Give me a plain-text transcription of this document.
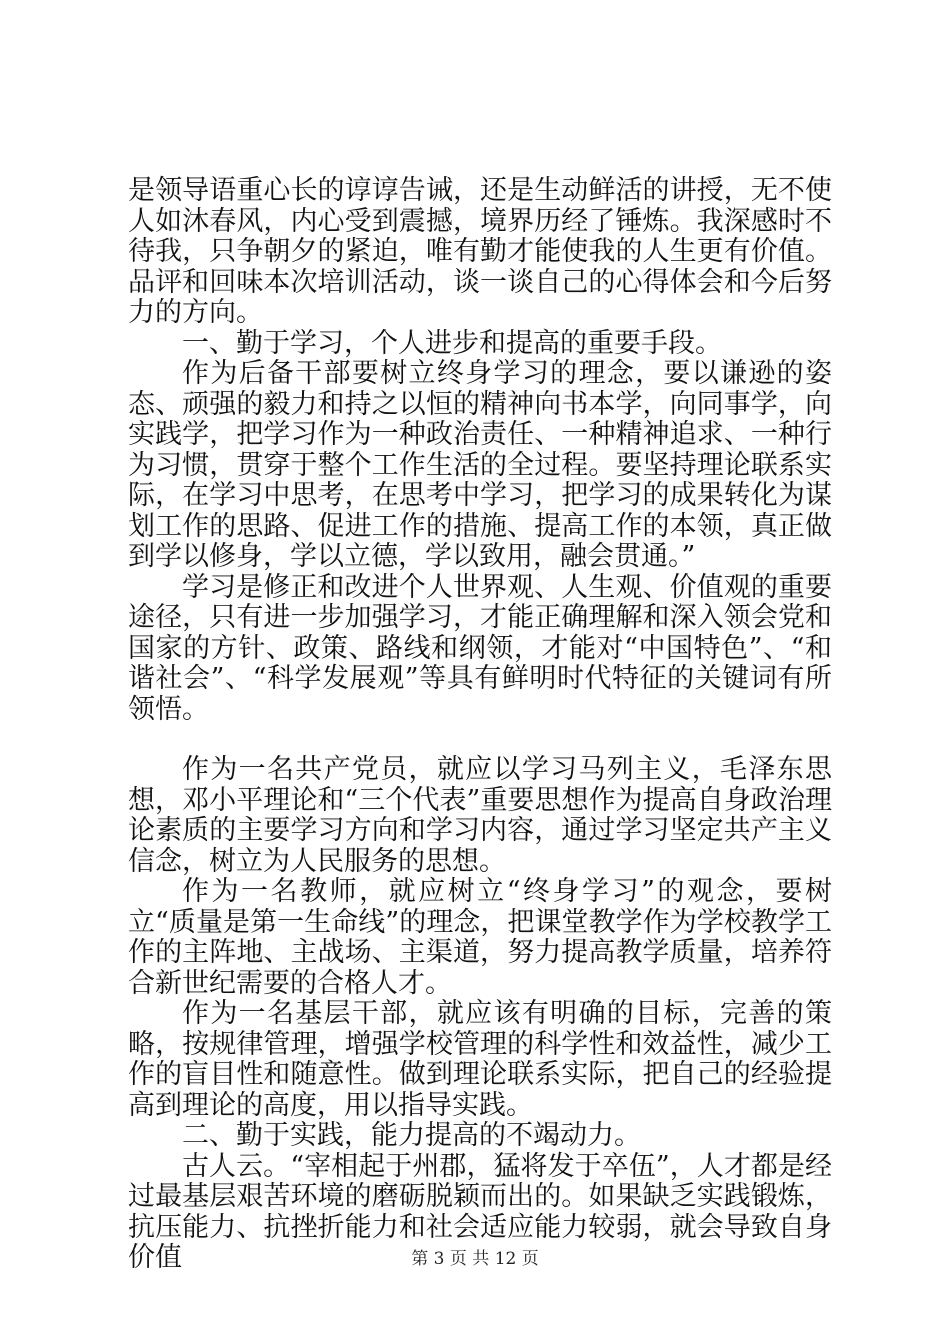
是领导语重心长的谆谆告诫，还是生动鲜活的讲授，无不使人如沐春风，内心受到震撼，境界历经了锤炼。我深感时不待我，只争朝夕的紧迫，唯有勤才能使我的人生更有价值。品评和回味本次培训活动，谈一谈自己的心得体会和今后努力的方向。

一、勤于学习，个人进步和提高的重要手段。

作为后备干部要树立终身学习的理念，要以谦逊的姿态、顽强的毅力和持之以恒的精神向书本学，向同事学，向实践学，把学习作为一种政治责任、一种精神追求、一种行为习惯，贯穿于整个工作生活的全过程。要坚持理论联系实际，在学习中思考，在思考中学习，把学习的成果转化为谋划工作的思路、促进工作的措施、提高工作的本领，真正做到学以修身，学以立德，学以致用，融会贯通。”

学习是修正和改进个人世界观、人生观、价值观的重要途径，只有进一步加强学习，才能正确理解和深入领会党和国家的方针、政策、路线和纲领，才能对“中国特色”、“和谐社会”、“科学发展观”等具有鲜明时代特征的关键词有所领悟。

作为一名共产党员，就应以学习马列主义，毛泽东思想，邓小平理论和“三个代表”重要思想作为提高自身政治理论素质的主要学习方向和学习内容，通过学习坚定共产主义信念，树立为人民服务的思想。

作为一名教师，就应树立“终身学习”的观念，要树立“质量是第一生命线”的理念，把课堂教学作为学校教学工作的主阵地、主战场、主渠道，努力提高教学质量，培养符合新世纪需要的合格人才。

作为一名基层干部，就应该有明确的目标，完善的策略，按规律管理，增强学校管理的科学性和效益性，减少工作的盲目性和随意性。做到理论联系实际，把自己的经验提高到理论的高度，用以指导实践。

二、勤于实践，能力提高的不竭动力。

古人云。“宰相起于州郡，猛将发于卒伍”，人才都是经过最基层艰苦环境的磨砺脱颖而出的。如果缺乏实践锻炼，抗压能力、抗挫折能力和社会适应能力较弱，就会导致自身价值	第 3 页 共 12 页
